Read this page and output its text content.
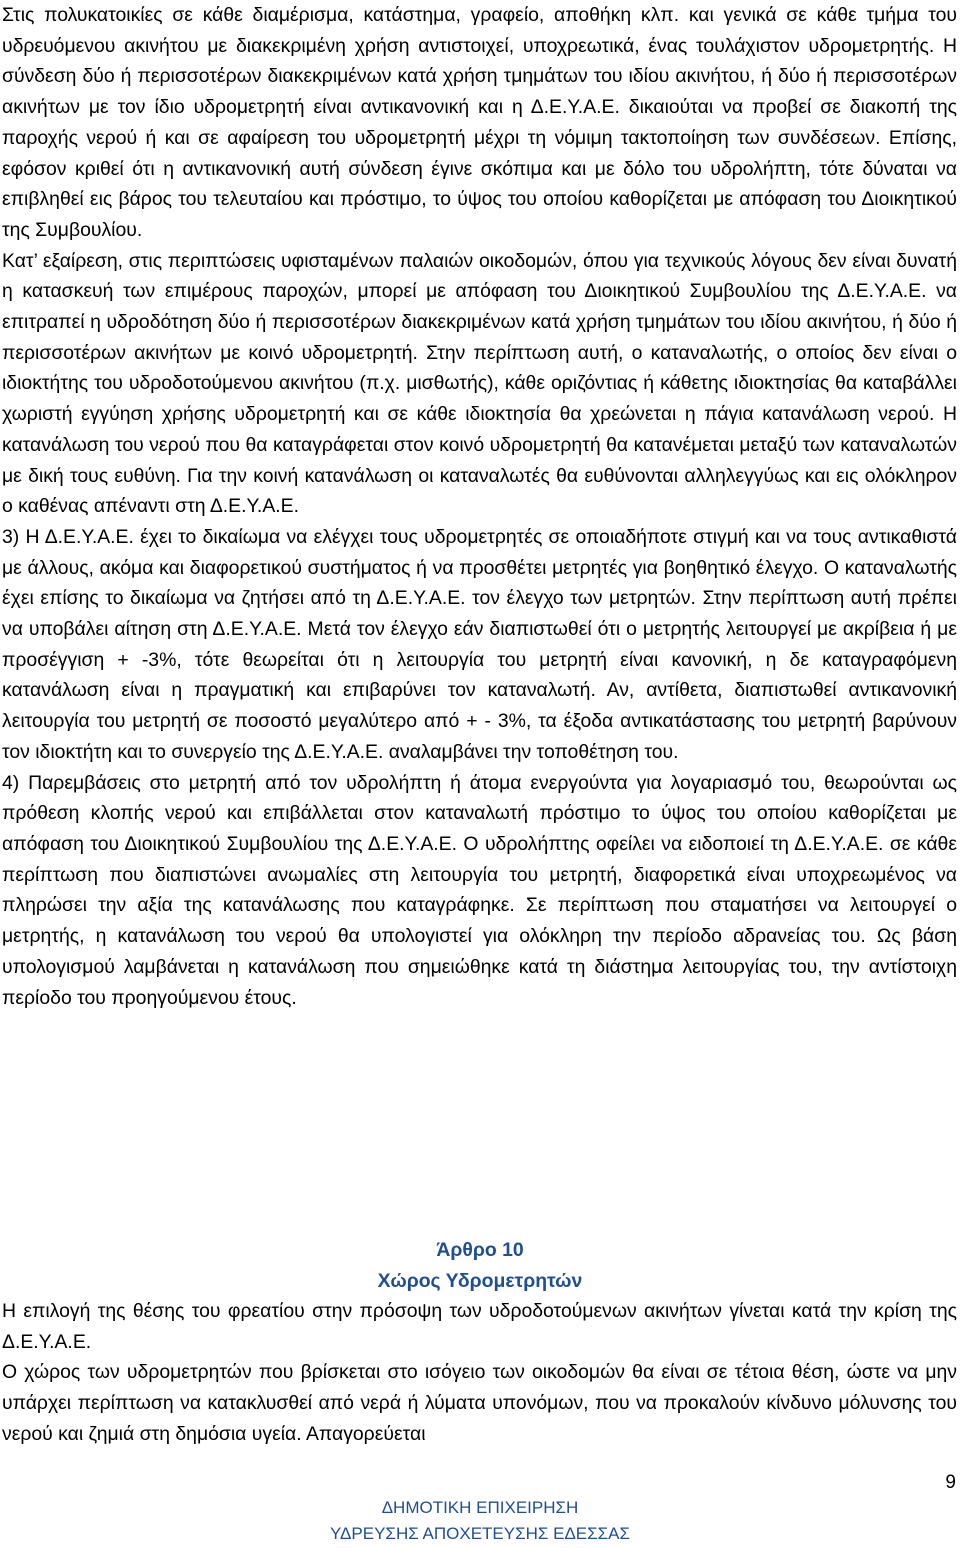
Στις πολυκατοικίες σε κάθε διαμέρισμα, κατάστημα, γραφείο, αποθήκη κλπ. και γενικά σε κάθε τμήμα του υδρευόμενου ακινήτου με διακεκριμένη χρήση αντιστοιχεί, υποχρεωτικά, ένας τουλάχιστον υδρομετρητής. Η σύνδεση δύο ή περισσοτέρων διακεκριμένων κατά χρήση τμημάτων του ιδίου ακινήτου, ή δύο ή περισσοτέρων ακινήτων με τον ίδιο υδρομετρητή είναι αντικανονική και η Δ.Ε.Υ.Α.Ε. δικαιούται να προβεί σε διακοπή της παροχής νερού ή και σε αφαίρεση του υδρομετρητή μέχρι τη νόμιμη τακτοποίηση των συνδέσεων. Επίσης, εφόσον κριθεί ότι η αντικανονική αυτή σύνδεση έγινε σκόπιμα και με δόλο του υδρολήπτη, τότε δύναται να επιβληθεί εις βάρος του τελευταίου και πρόστιμο, το ύψος του οποίου καθορίζεται με απόφαση του Διοικητικού της Συμβουλίου.

Κατ’ εξαίρεση, στις περιπτώσεις υφισταμένων παλαιών οικοδομών, όπου για τεχνικούς λόγους δεν είναι δυνατή η κατασκευή των επιμέρους παροχών, μπορεί με απόφαση του Διοικητικού Συμβουλίου της Δ.Ε.Υ.Α.Ε. να επιτραπεί η υδροδότηση δύο ή περισσοτέρων διακεκριμένων κατά χρήση τμημάτων του ιδίου ακινήτου, ή δύο ή περισσοτέρων ακινήτων με κοινό υδρομετρητή. Στην περίπτωση αυτή, ο καταναλωτής, ο οποίος δεν είναι ο ιδιοκτήτης του υδροδοτούμενου ακινήτου (π.χ. μισθωτής), κάθε οριζόντιας ή κάθετης ιδιοκτησίας θα καταβάλλει χωριστή εγγύηση χρήσης υδρομετρητή και σε κάθε ιδιοκτησία θα χρεώνεται η πάγια κατανάλωση νερού. Η κατανάλωση του νερού που θα καταγράφεται στον κοινό υδρομετρητή θα κατανέμεται μεταξύ των καταναλωτών με δική τους ευθύνη. Για την κοινή κατανάλωση οι καταναλωτές θα ευθύνονται αλληλεγγύως και εις ολόκληρον ο καθένας απέναντι στη Δ.Ε.Υ.Α.Ε.

3) Η Δ.Ε.Υ.Α.Ε. έχει το δικαίωμα να ελέγχει τους υδρομετρητές σε οποιαδήποτε στιγμή και να τους αντικαθιστά με άλλους, ακόμα και διαφορετικού συστήματος ή να προσθέτει μετρητές για βοηθητικό έλεγχο. Ο καταναλωτής έχει επίσης το δικαίωμα να ζητήσει από τη Δ.Ε.Υ.Α.Ε. τον έλεγχο των μετρητών. Στην περίπτωση αυτή πρέπει να υποβάλει αίτηση στη Δ.Ε.Υ.Α.Ε. Μετά τον έλεγχο εάν διαπιστωθεί ότι ο μετρητής λειτουργεί με ακρίβεια ή με προσέγγιση + -3%, τότε θεωρείται ότι η λειτουργία του μετρητή είναι κανονική, η δε καταγραφόμενη κατανάλωση είναι η πραγματική και επιβαρύνει τον καταναλωτή. Αν, αντίθετα, διαπιστωθεί αντικανονική λειτουργία του μετρητή σε ποσοστό μεγαλύτερο από + - 3%, τα έξοδα αντικατάστασης του μετρητή βαρύνουν τον ιδιοκτήτη και το συνεργείο της Δ.Ε.Υ.Α.Ε. αναλαμβάνει την τοποθέτηση του.

4) Παρεμβάσεις στο μετρητή από τον υδρολήπτη ή άτομα ενεργούντα για λογαριασμό του, θεωρούνται ως πρόθεση κλοπής νερού και επιβάλλεται στον καταναλωτή πρόστιμο το ύψος του οποίου καθορίζεται με απόφαση του Διοικητικού Συμβουλίου της Δ.Ε.Υ.Α.Ε. Ο υδρολήπτης οφείλει να ειδοποιεί τη Δ.Ε.Υ.Α.Ε. σε κάθε περίπτωση που διαπιστώνει ανωμαλίες στη λειτουργία του μετρητή, διαφορετικά είναι υποχρεωμένος να πληρώσει την αξία της κατανάλωσης που καταγράφηκε. Σε περίπτωση που σταματήσει να λειτουργεί ο μετρητής, η κατανάλωση του νερού θα υπολογιστεί για ολόκληρη την περίοδο αδρανείας του. Ως βάση υπολογισμού λαμβάνεται η κατανάλωση που σημειώθηκε κατά τη διάστημα λειτουργίας του, την αντίστοιχη περίοδο του προηγούμενου έτους.

Άρθρο 10
Χώρος Υδρομετρητών

Η επιλογή της θέσης του φρεατίου στην πρόσοψη των υδροδοτούμενων ακινήτων γίνεται κατά την κρίση της Δ.Ε.Υ.Α.Ε.

Ο χώρος των υδρομετρητών που βρίσκεται στο ισόγειο των οικοδομών θα είναι σε τέτοια θέση, ώστε να μην υπάρχει περίπτωση να κατακλυσθεί από νερά ή λύματα υπονόμων, που να προκαλούν κίνδυνο μόλυνσης του νερού και ζημιά στη δημόσια υγεία. Απαγορεύεται

9
ΔΗΜΟΤΙΚΗ ΕΠΙΧΕΙΡΗΣΗ
ΥΔΡΕΥΣΗΣ ΑΠΟΧΕΤΕΥΣΗΣ ΕΔΕΣΣΑΣ
